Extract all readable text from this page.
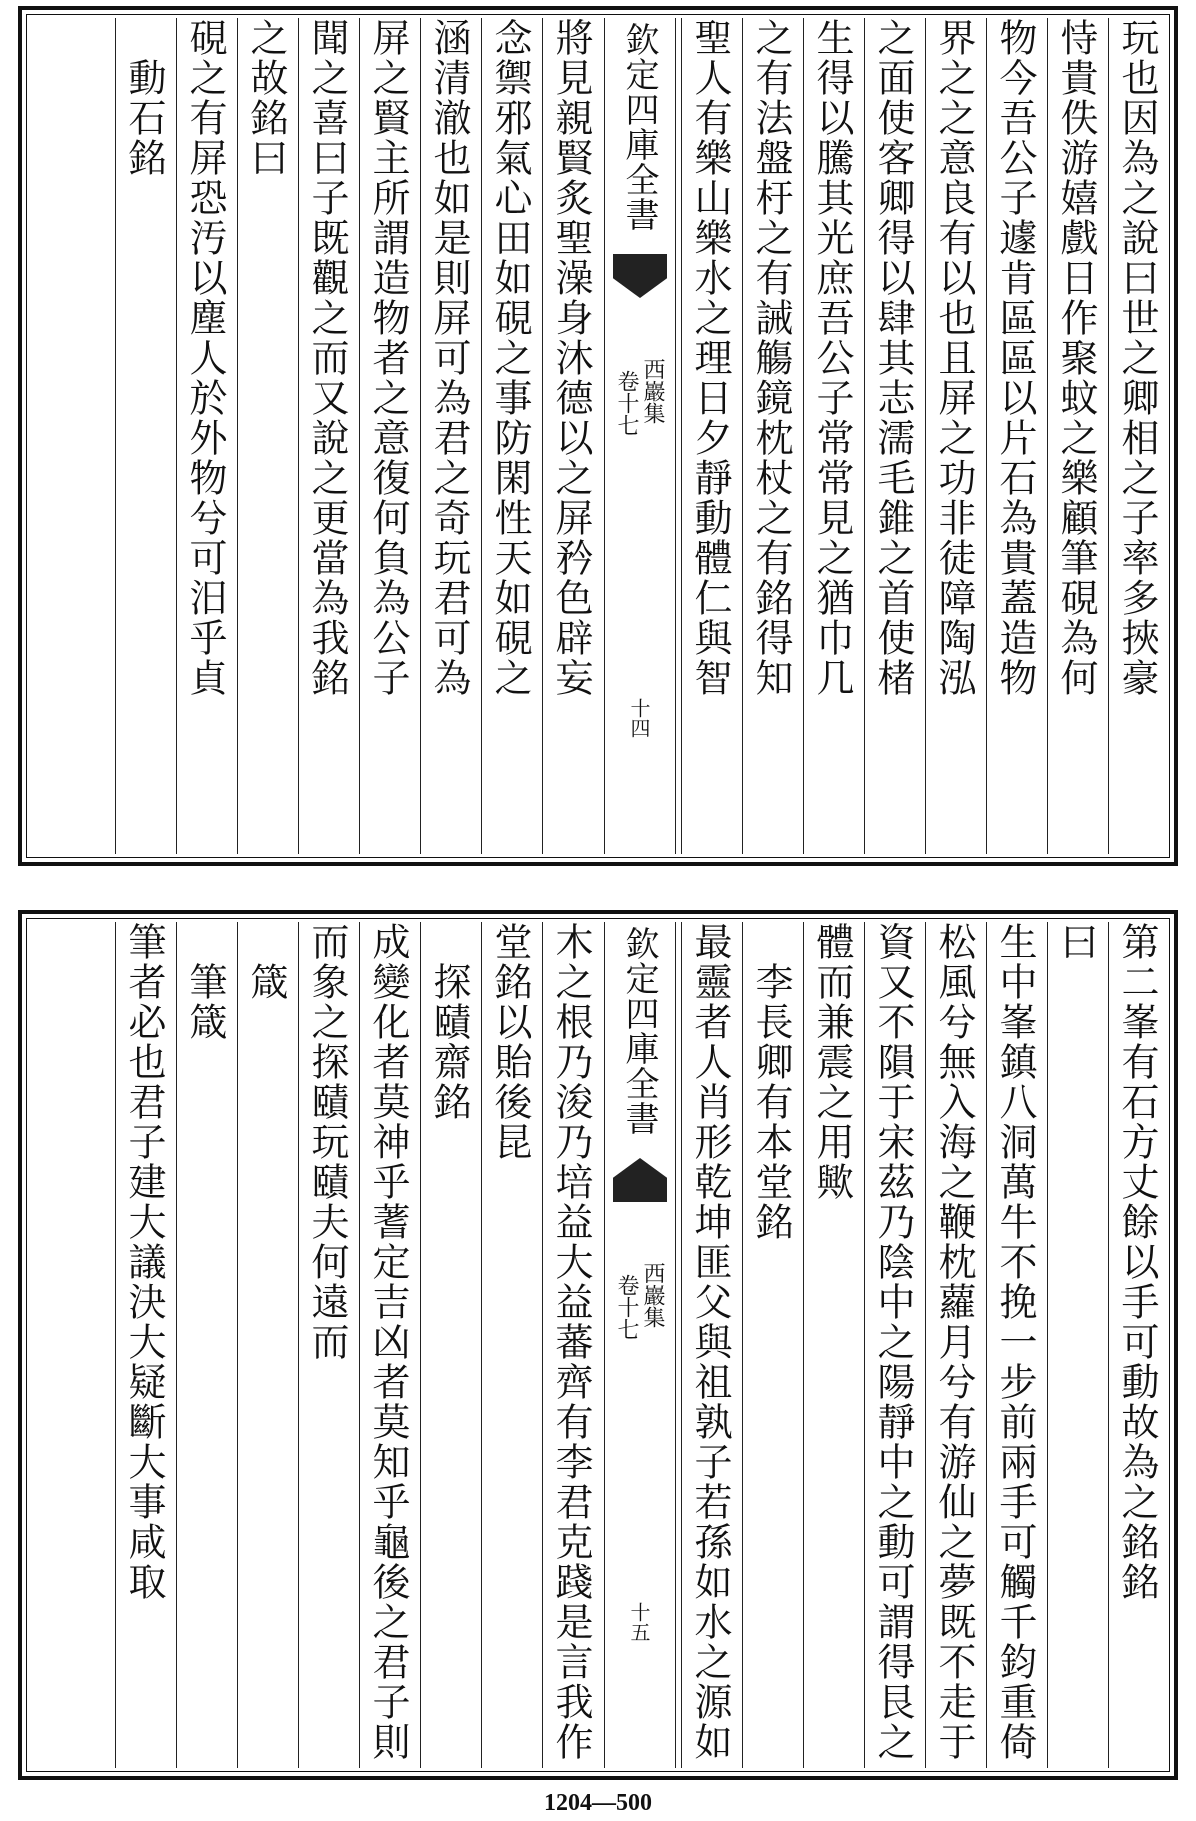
玩也因為之說曰世之卿相之子率多挾豪
恃貴佚游嬉戲日作聚蚊之樂顧筆硯為何
物今吾公子遽肯區區以片石為貴蓋造物
界之之意良有以也且屏之功非徒障陶泓
之面使客卿得以肆其志濡毛錐之首使楮
生得以騰其光庶吾公子常常見之猶巾几
之有法盤杅之有誡觴鏡枕杖之有銘得知
聖人有樂山樂水之理日夕靜動體仁與智
欽定四庫全書
西巖集
卷十七
十四
將見親賢炙聖澡身沐德以之屏矜色辟妄
念禦邪氣心田如硯之事防閑性天如硯之
涵清澈也如是則屏可為君之奇玩君可為
屏之賢主所謂造物者之意復何負為公子
聞之喜曰子既觀之而又說之更當為我銘
之故銘曰
硯之有屏恐汚以塵人於外物兮可汨乎貞
　動石銘
第二峯有石方丈餘以手可動故為之銘銘
曰
生中峯鎮八洞萬牛不挽一步前兩手可觸千鈞重倚
松風兮無入海之鞭枕蘿月兮有游仙之夢既不走于
資又不隕于宋茲乃陰中之陽靜中之動可謂得艮之
體而兼震之用歟
　李長卿有本堂銘
最靈者人肖形乾坤匪父與祖孰子若孫如水之源如
欽定四庫全書
西巖集
卷十七
十五
木之根乃浚乃培益大益蕃齊有李君克踐是言我作
堂銘以貽後昆
　探賾齋銘
成變化者莫神乎蓍定吉凶者莫知乎龜後之君子則
而象之探賾玩賾夫何遠而
　箴
　筆箴
筆者必也君子建大議決大疑斷大事咸取
1204—500
